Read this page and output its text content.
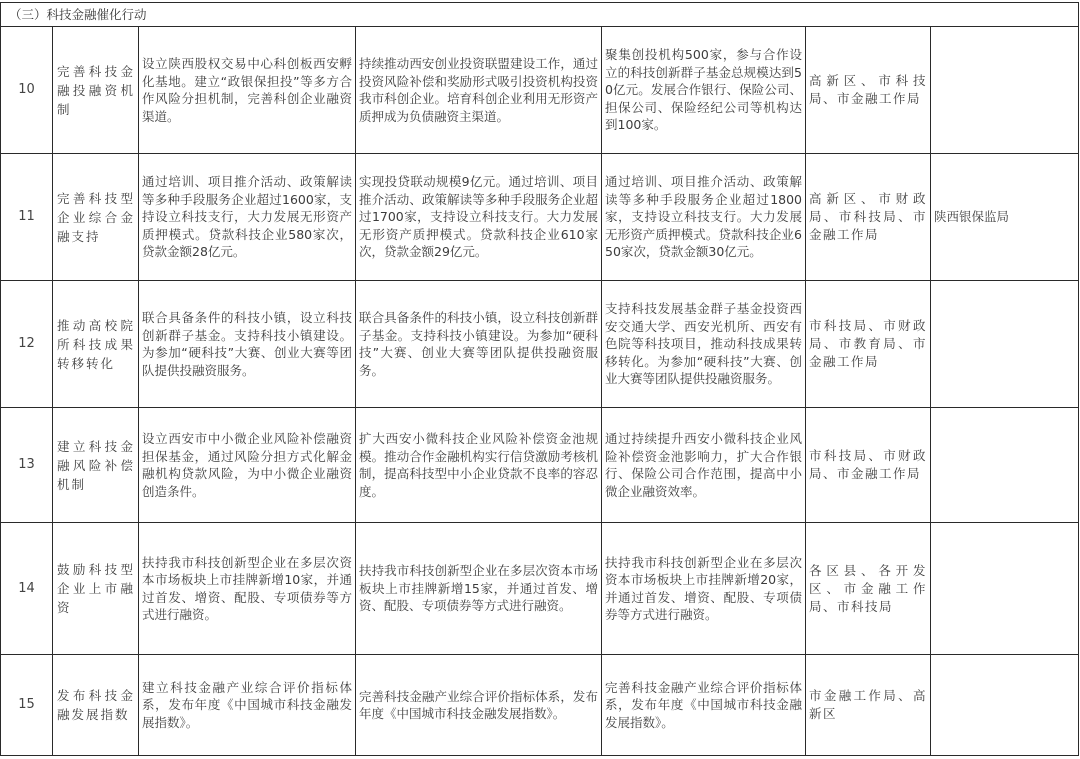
（三）科技金融催化行动						
10	完善科技金融投融资机制	设立陕西股权交易中心科创板西安孵化基地。建立“政银保担投”等多方合作风险分担机制，完善科创企业融资渠道。	持续推动西安创业投资联盟建设工作，通过投资风险补偿和奖励形式吸引投资机构投资我市科创企业。培育科创企业利用无形资产质押成为负债融资主渠道。	聚集创投机构500家，参与合作设立的科技创新群子基金总规模达到50亿元。发展合作银行、保险公司、担保公司、保险经纪公司等机构达到100家。	高新区、市科技局、市金融工作局	
11	完善科技型企业综合金融支持	通过培训、项目推介活动、政策解读等多种手段服务企业超过1600家，支持设立科技支行，大力发展无形资产质押模式。贷款科技企业580家次，贷款金额28亿元。	实现投贷联动规模9亿元。通过培训、项目推介活动、政策解读等多种手段服务企业超过1700家，支持设立科技支行。大力发展无形资产质押模式。贷款科技企业610家次，贷款金额29亿元。	通过培训、项目推介活动、政策解读等多种手段服务企业超过1800家，支持设立科技支行。大力发展无形资产质押模式。贷款科技企业650家次，贷款金额30亿元。	高新区、市财政局、市科技局、市金融工作局	陕西银保监局
12	推动高校院所科技成果转移转化	联合具备条件的科技小镇，设立科技创新群子基金。支持科技小镇建设。为参加“硬科技”大赛、创业大赛等团队提供投融资服务。	联合具备条件的科技小镇，设立科技创新群子基金。支持科技小镇建设。为参加“硬科技”大赛、创业大赛等团队提供投融资服务。	支持科技发展基金群子基金投资西安交通大学、西安光机所、西安有色院等科技项目，推动科技成果转移转化。为参加“硬科技”大赛、创业大赛等团队提供投融资服务。	市科技局、市财政局、市教育局、市金融工作局	
13	建立科技金融风险补偿机制	设立西安市中小微企业风险补偿融资担保基金，通过风险分担方式化解金融机构贷款风险，为中小微企业融资创造条件。	扩大西安小微科技企业风险补偿资金池规模。推动合作金融机构实行信贷激励考核机制，提高科技型中小企业贷款不良率的容忍度。	通过持续提升西安小微科技企业风险补偿资金池影响力，扩大合作银行、保险公司合作范围，提高中小微企业融资效率。	市科技局、市财政局、市金融工作局	
14	鼓励科技型企业上市融资	扶持我市科技创新型企业在多层次资本市场板块上市挂牌新增10家，并通过首发、增资、配股、专项债券等方式进行融资。	扶持我市科技创新型企业在多层次资本市场板块上市挂牌新增15家，并通过首发、增资、配股、专项债券等方式进行融资。	扶持我市科技创新型企业在多层次资本市场板块上市挂牌新增20家，并通过首发、增资、配股、专项债券等方式进行融资。	各区县、各开发区、市金融工作局、市科技局	
15	发布科技金融发展指数	建立科技金融产业综合评价指标体系，发布年度《中国城市科技金融发展指数》。	完善科技金融产业综合评价指标体系，发布年度《中国城市科技金融发展指数》。	完善科技金融产业综合评价指标体系，发布年度《中国城市科技金融发展指数》。	市金融工作局、高新区	
